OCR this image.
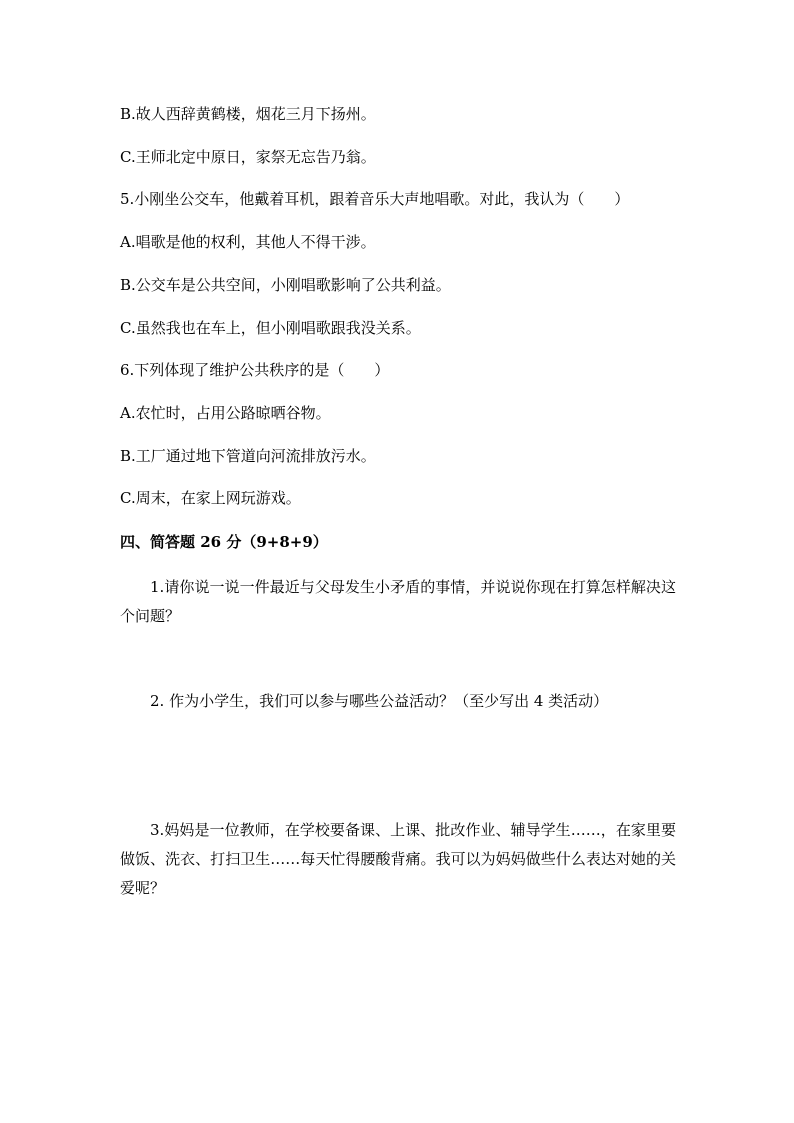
B.故人西辞黄鹤楼，烟花三月下扬州。
C.王师北定中原日，家祭无忘告乃翁。
5.小刚坐公交车，他戴着耳机，跟着音乐大声地唱歌。对此，我认为（　　）
A.唱歌是他的权利，其他人不得干涉。
B.公交车是公共空间，小刚唱歌影响了公共利益。
C.虽然我也在车上，但小刚唱歌跟我没关系。
6.下列体现了维护公共秩序的是（　　）
A.农忙时，占用公路晾晒谷物。
B.工厂通过地下管道向河流排放污水。
C.周末，在家上网玩游戏。
四、简答题 26 分（9+8+9）
1.请你说一说一件最近与父母发生小矛盾的事情，并说说你现在打算怎样解决这个问题？
2. 作为小学生，我们可以参与哪些公益活动？（至少写出 4 类活动）
3.妈妈是一位教师，在学校要备课、上课、批改作业、辅导学生……，在家里要做饭、洗衣、打扫卫生……每天忙得腰酸背痛。我可以为妈妈做些什么表达对她的关爱呢？
